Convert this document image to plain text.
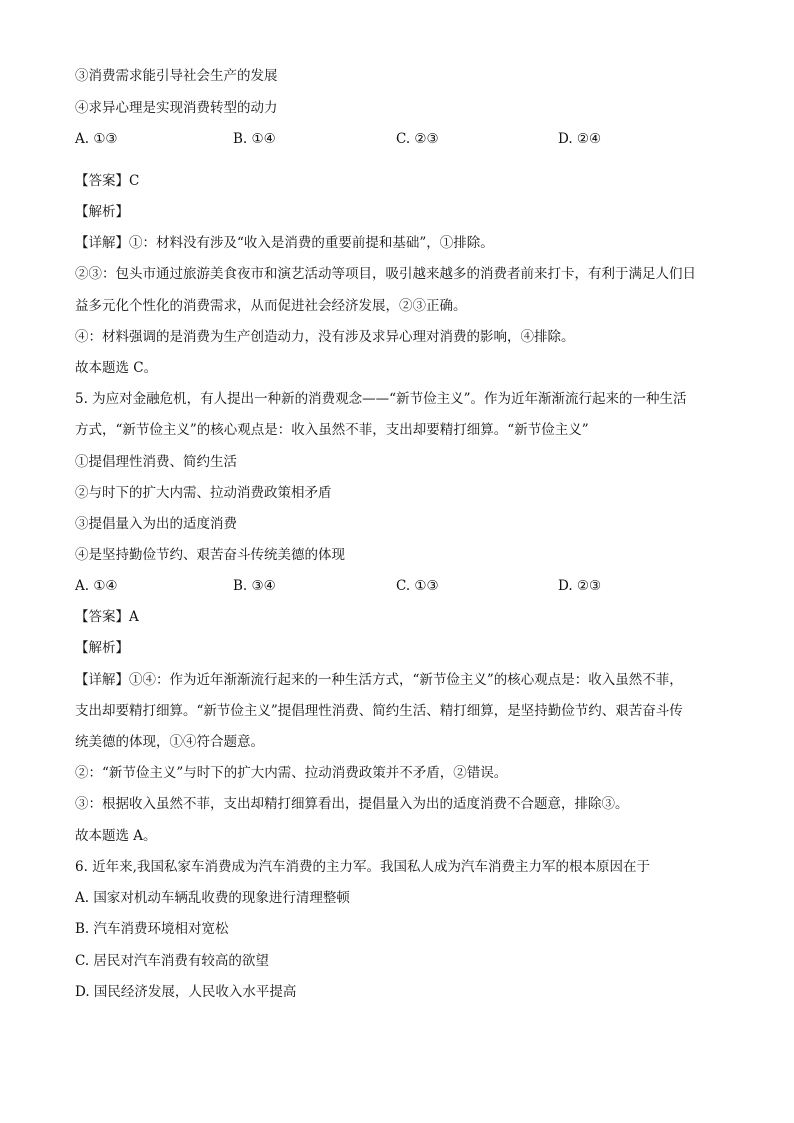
③消费需求能引导社会生产的发展
④求异心理是实现消费转型的动力
A. ①③	B. ①④	C. ②③	D. ②④
【答案】C
【解析】
【详解】①：材料没有涉及“收入是消费的重要前提和基础”，①排除。
②③：包头市通过旅游美食夜市和演艺活动等项目，吸引越来越多的消费者前来打卡，有利于满足人们日
益多元化个性化的消费需求，从而促进社会经济发展，②③正确。
④：材料强调的是消费为生产创造动力，没有涉及求异心理对消费的影响，④排除。
故本题选 C。
5. 为应对金融危机，有人提出一种新的消费观念——“新节俭主义”。作为近年渐渐流行起来的一种生活
方式，“新节俭主义”的核心观点是：收入虽然不菲，支出却要精打细算。“新节俭主义”
①提倡理性消费、简约生活
②与时下的扩大内需、拉动消费政策相矛盾
③提倡量入为出的适度消费
④是坚持勤俭节约、艰苦奋斗传统美德的体现
A. ①④	B. ③④	C. ①③	D. ②③
【答案】A
【解析】
【详解】①④：作为近年渐渐流行起来的一种生活方式，“新节俭主义”的核心观点是：收入虽然不菲，
支出却要精打细算。“新节俭主义”提倡理性消费、简约生活、精打细算，是坚持勤俭节约、艰苦奋斗传
统美德的体现，①④符合题意。
②：“新节俭主义”与时下的扩大内需、拉动消费政策并不矛盾，②错误。
③：根据收入虽然不菲，支出却精打细算看出，提倡量入为出的适度消费不合题意，排除③。
故本题选 A。
6. 近年来,我国私家车消费成为汽车消费的主力军。我国私人成为汽车消费主力军的根本原因在于
A. 国家对机动车辆乱收费的现象进行清理整顿
B. 汽车消费环境相对宽松
C. 居民对汽车消费有较高的欲望
D. 国民经济发展，人民收入水平提高
